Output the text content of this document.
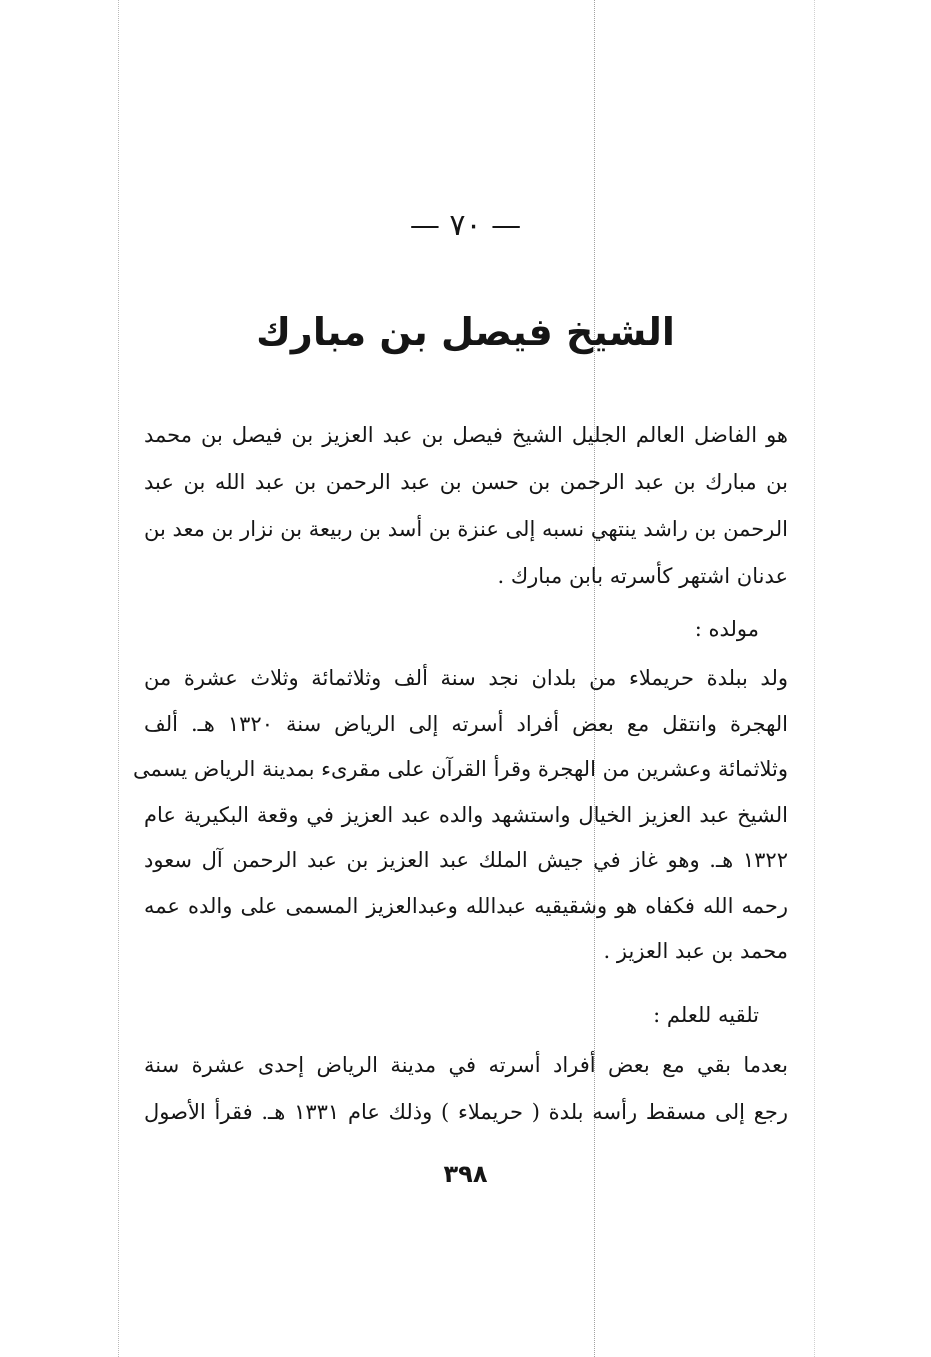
— ٧٠ —
الشيخ فيصل بن مبارك
هو الفاضل العالم الجليل الشيخ فيصل بن عبد العزيز بن فيصل بن محمد
بن مبارك بن عبد الرحمن بن حسن بن عبد الرحمن بن عبد الله بن عبد
الرحمن بن راشد ينتهي نسبه إلى عنزة بن أسد بن ربيعة بن نزار بن معد بن
عدنان اشتهر كأسرته بابن مبارك .
مولده :
ولد ببلدة حريملاء من بلدان نجد سنة ألف وثلاثمائة وثلاث عشرة من
الهجرة وانتقل مع بعض أفراد أسرته إلى الرياض سنة ١٣٢٠ هـ. ألف
وثلاثمائة وعشرين من الهجرة وقرأ القرآن على مقرىء بمدينة الرياض يسمى
الشيخ عبد العزيز الخيال واستشهد والده عبد العزيز في وقعة البكيرية عام
١٣٢٢ هـ. وهو غاز في جيش الملك عبد العزيز بن عبد الرحمن آل سعود
رحمه الله فكفاه هو وشقيقيه عبدالله وعبدالعزيز المسمى على والده عمه
محمد بن عبد العزيز .
تلقيه للعلم :
بعدما بقي مع بعض أفراد أسرته في مدينة الرياض إحدى عشرة سنة
رجع إلى مسقط رأسه بلدة ( حريملاء ) وذلك عام ١٣٣١ هـ. فقرأ الأصول
٣٩٨
